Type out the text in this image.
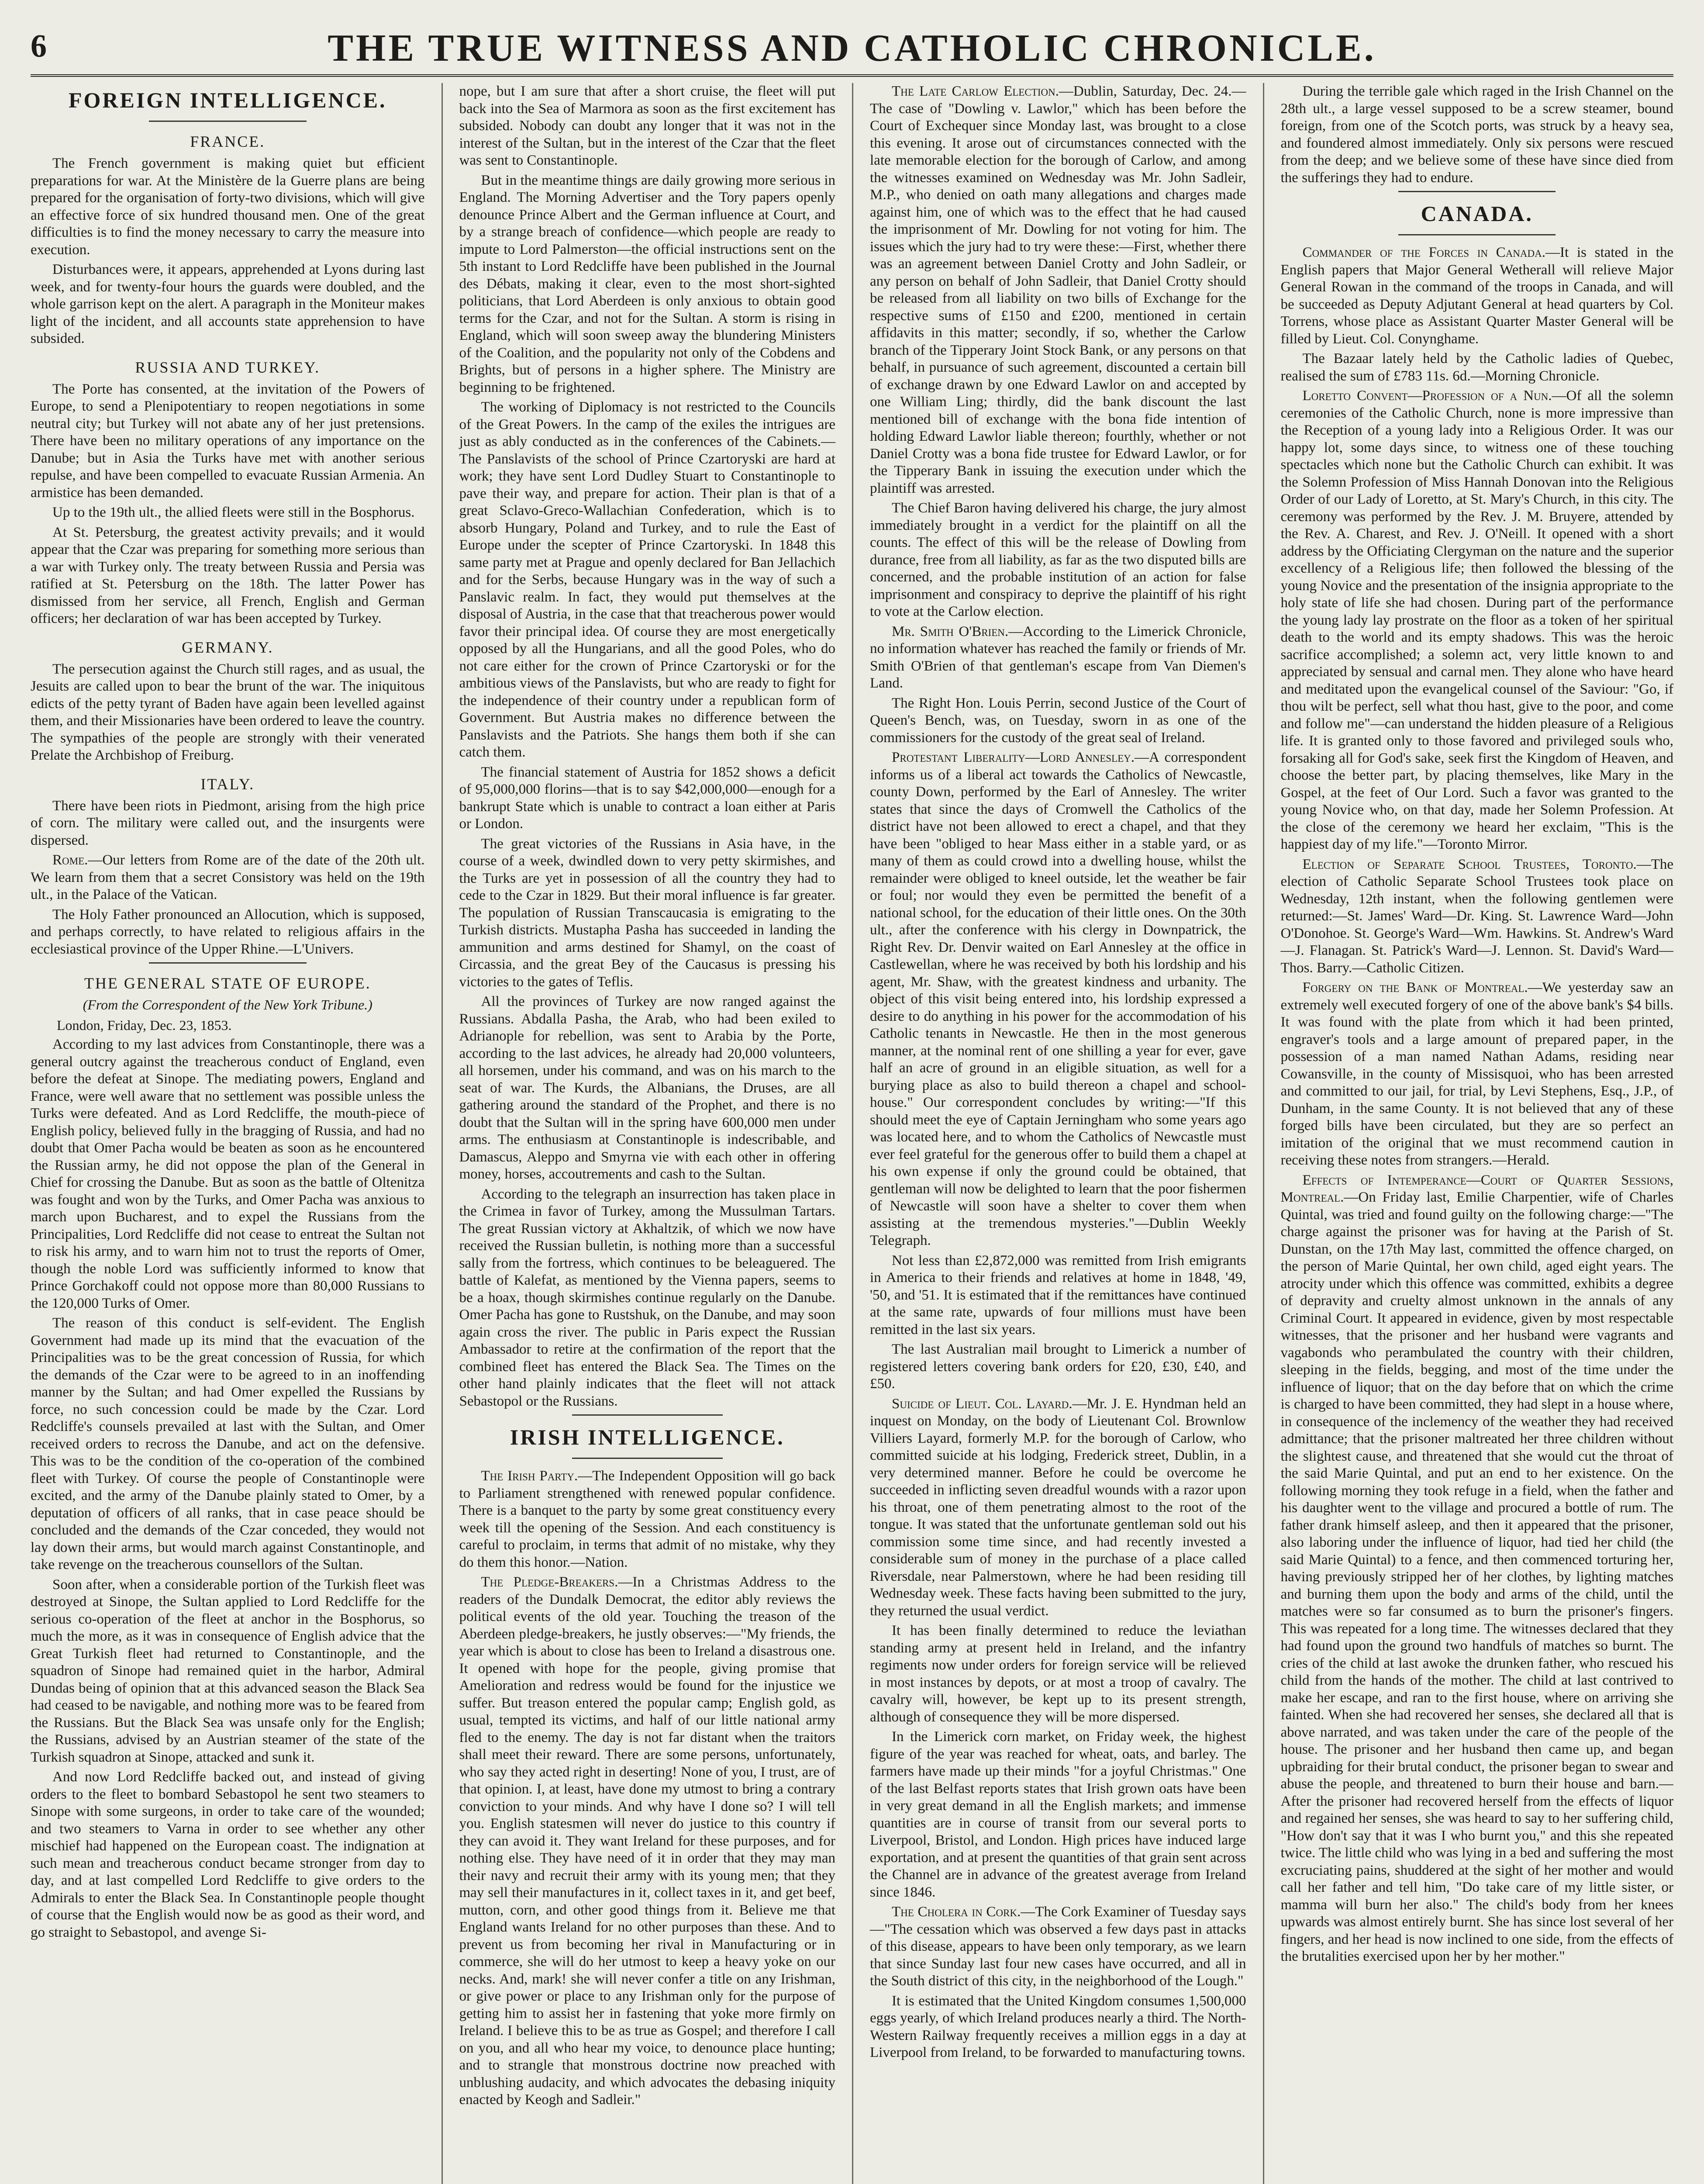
6	THE TRUE WITNESS AND CATHOLIC CHRONICLE.
FOREIGN INTELLIGENCE.
FRANCE.

The French government is making quiet but efficient preparations for war. At the Ministère de la Guerre plans are being prepared for the organisation of forty-two divisions, which will give an effective force of six hundred thousand men. One of the great difficulties is to find the money necessary to carry the measure into execution.

Disturbances were, it appears, apprehended at Lyons during last week, and for twenty-four hours the guards were doubled, and the whole garrison kept on the alert. A paragraph in the Moniteur makes light of the incident, and all accounts state apprehension to have subsided.

RUSSIA AND TURKEY.

The Porte has consented, at the invitation of the Powers of Europe, to send a Plenipotentiary to reopen negotiations in some neutral city; but Turkey will not abate any of her just pretensions. There have been no military operations of any importance on the Danube; but in Asia the Turks have met with another serious repulse, and have been compelled to evacuate Russian Armenia. An armistice has been demanded.

Up to the 19th ult., the allied fleets were still in the Bosphorus.

At St. Petersburg, the greatest activity prevails; and it would appear that the Czar was preparing for something more serious than a war with Turkey only. The treaty between Russia and Persia was ratified at St. Petersburg on the 18th. The latter Power has dismissed from her service, all French, English and German officers; her declaration of war has been accepted by Turkey.

GERMANY.

The persecution against the Church still rages, and as usual, the Jesuits are called upon to bear the brunt of the war. The iniquitous edicts of the petty tyrant of Baden have again been levelled against them, and their Missionaries have been ordered to leave the country. The sympathies of the people are strongly with their venerated Prelate the Archbishop of Freiburg.

ITALY.

There have been riots in Piedmont, arising from the high price of corn. The military were called out, and the insurgents were dispersed.

Rome.—Our letters from Rome are of the date of the 20th ult. We learn from them that a secret Consistory was held on the 19th ult., in the Palace of the Vatican.

The Holy Father pronounced an Allocution, which is supposed, and perhaps correctly, to have related to religious affairs in the ecclesiastical province of the Upper Rhine.—L'Univers.

THE GENERAL STATE OF EUROPE.
(From the Correspondent of the New York Tribune.)
London, Friday, Dec. 23, 1853.

According to my last advices from Constantinople, there was a general outcry against the treacherous conduct of England, even before the defeat at Sinope. The mediating powers, England and France, were well aware that no settlement was possible unless the Turks were defeated. And as Lord Redcliffe, the mouth-piece of English policy, believed fully in the bragging of Russia, and had no doubt that Omer Pacha would be beaten as soon as he encountered the Russian army, he did not oppose the plan of the General in Chief for crossing the Danube. But as soon as the battle of Oltenitza was fought and won by the Turks, and Omer Pacha was anxious to march upon Bucharest, and to expel the Russians from the Principalities, Lord Redcliffe did not cease to entreat the Sultan not to risk his army, and to warn him not to trust the reports of Omer, though the noble Lord was sufficiently informed to know that Prince Gorchakoff could not oppose more than 80,000 Russians to the 120,000 Turks of Omer.

The reason of this conduct is self-evident. The English Government had made up its mind that the evacuation of the Principalities was to be the great concession of Russia, for which the demands of the Czar were to be agreed to in an inoffending manner by the Sultan; and had Omer expelled the Russians by force, no such concession could be made by the Czar. Lord Redcliffe's counsels prevailed at last with the Sultan, and Omer received orders to recross the Danube, and act on the defensive. This was to be the condition of the co-operation of the combined fleet with Turkey. Of course the people of Constantinople were excited, and the army of the Danube plainly stated to Omer, by a deputation of officers of all ranks, that in case peace should be concluded and the demands of the Czar conceded, they would not lay down their arms, but would march against Constantinople, and take revenge on the treacherous counsellors of the Sultan.

Soon after, when a considerable portion of the Turkish fleet was destroyed at Sinope, the Sultan applied to Lord Redcliffe for the serious co-operation of the fleet at anchor in the Bosphorus, so much the more, as it was in consequence of English advice that the Great Turkish fleet had returned to Constantinople, and the squadron of Sinope had remained quiet in the harbor, Admiral Dundas being of opinion that at this advanced season the Black Sea had ceased to be navigable, and nothing more was to be feared from the Russians. But the Black Sea was unsafe only for the English; the Russians, advised by an Austrian steamer of the state of the Turkish squadron at Sinope, attacked and sunk it.

And now Lord Redcliffe backed out, and instead of giving orders to the fleet to bombard Sebastopol he sent two steamers to Sinope with some surgeons, in order to take care of the wounded; and two steamers to Varna in order to see whether any other mischief had happened on the European coast. The indignation at such mean and treacherous conduct became stronger from day to day, and at last compelled Lord Redcliffe to give orders to the Admirals to enter the Black Sea. In Constantinople people thought of course that the English would now be as good as their word, and go straight to Sebastopol, and avenge Si-

nope, but I am sure that after a short cruise, the fleet will put back into the Sea of Marmora as soon as the first excitement has subsided. Nobody can doubt any longer that it was not in the interest of the Sultan, but in the interest of the Czar that the fleet was sent to Constantinople.

But in the meantime things are daily growing more serious in England. The Morning Advertiser and the Tory papers openly denounce Prince Albert and the German influence at Court, and by a strange breach of confidence—which people are ready to impute to Lord Palmerston—the official instructions sent on the 5th instant to Lord Redcliffe have been published in the Journal des Débats, making it clear, even to the most short-sighted politicians, that Lord Aberdeen is only anxious to obtain good terms for the Czar, and not for the Sultan. A storm is rising in England, which will soon sweep away the blundering Ministers of the Coalition, and the popularity not only of the Cobdens and Brights, but of persons in a higher sphere. The Ministry are beginning to be frightened.

The working of Diplomacy is not restricted to the Councils of the Great Powers. In the camp of the exiles the intrigues are just as ably conducted as in the conferences of the Cabinets.—The Panslavists of the school of Prince Czartoryski are hard at work; they have sent Lord Dudley Stuart to Constantinople to pave their way, and prepare for action. Their plan is that of a great Sclavo-Greco-Wallachian Confederation, which is to absorb Hungary, Poland and Turkey, and to rule the East of Europe under the scepter of Prince Czartoryski. In 1848 this same party met at Prague and openly declared for Ban Jellachich and for the Serbs, because Hungary was in the way of such a Panslavic realm. In fact, they would put themselves at the disposal of Austria, in the case that that treacherous power would favor their principal idea. Of course they are most energetically opposed by all the Hungarians, and all the good Poles, who do not care either for the crown of Prince Czartoryski or for the ambitious views of the Panslavists, but who are ready to fight for the independence of their country under a republican form of Government. But Austria makes no difference between the Panslavists and the Patriots. She hangs them both if she can catch them.

The financial statement of Austria for 1852 shows a deficit of 95,000,000 florins—that is to say $42,000,000—enough for a bankrupt State which is unable to contract a loan either at Paris or London.

The great victories of the Russians in Asia have, in the course of a week, dwindled down to very petty skirmishes, and the Turks are yet in possession of all the country they had to cede to the Czar in 1829. But their moral influence is far greater. The population of Russian Transcaucasia is emigrating to the Turkish districts. Mustapha Pasha has succeeded in landing the ammunition and arms destined for Shamyl, on the coast of Circassia, and the great Bey of the Caucasus is pressing his victories to the gates of Teflis.

All the provinces of Turkey are now ranged against the Russians. Abdalla Pasha, the Arab, who had been exiled to Adrianople for rebellion, was sent to Arabia by the Porte, according to the last advices, he already had 20,000 volunteers, all horsemen, under his command, and was on his march to the seat of war. The Kurds, the Albanians, the Druses, are all gathering around the standard of the Prophet, and there is no doubt that the Sultan will in the spring have 600,000 men under arms. The enthusiasm at Constantinople is indescribable, and Damascus, Aleppo and Smyrna vie with each other in offering money, horses, accoutrements and cash to the Sultan.

According to the telegraph an insurrection has taken place in the Crimea in favor of Turkey, among the Mussulman Tartars. The great Russian victory at Akhaltzik, of which we now have received the Russian bulletin, is nothing more than a successful sally from the fortress, which continues to be beleaguered. The battle of Kalefat, as mentioned by the Vienna papers, seems to be a hoax, though skirmishes continue regularly on the Danube. Omer Pacha has gone to Rustshuk, on the Danube, and may soon again cross the river. The public in Paris expect the Russian Ambassador to retire at the confirmation of the report that the combined fleet has entered the Black Sea. The Times on the other hand plainly indicates that the fleet will not attack Sebastopol or the Russians.

IRISH INTELLIGENCE.

The Irish Party.—The Independent Opposition will go back to Parliament strengthened with renewed popular confidence. There is a banquet to the party by some great constituency every week till the opening of the Session. And each constituency is careful to proclaim, in terms that admit of no mistake, why they do them this honor.—Nation.

The Pledge-Breakers.—In a Christmas Address to the readers of the Dundalk Democrat, the editor ably reviews the political events of the old year. Touching the treason of the Aberdeen pledge-breakers, he justly observes:—"My friends, the year which is about to close has been to Ireland a disastrous one. It opened with hope for the people, giving promise that Amelioration and redress would be found for the injustice we suffer. But treason entered the popular camp; English gold, as usual, tempted its victims, and half of our little national army fled to the enemy. The day is not far distant when the traitors shall meet their reward. There are some persons, unfortunately, who say they acted right in deserting! None of you, I trust, are of that opinion. I, at least, have done my utmost to bring a contrary conviction to your minds. And why have I done so? I will tell you. English statesmen will never do justice to this country if they can avoid it. They want Ireland for these purposes, and for nothing else. They have need of it in order that they may man their navy and recruit their army with its young men; that they may sell their manufactures in it, collect taxes in it, and get beef, mutton, corn, and other good things from it. Believe me that England wants Ireland for no other purposes than these. And to prevent us from becoming her rival in Manufacturing or in commerce, she will do her utmost to keep a heavy yoke on our necks. And, mark! she will never confer a title on any Irishman, or give power or place to any Irishman only for the purpose of getting him to assist her in fastening that yoke more firmly on Ireland. I believe this to be as true as Gospel; and therefore I call on you, and all who hear my voice, to denounce place hunting; and to strangle that monstrous doctrine now preached with unblushing audacity, and which advocates the debasing iniquity enacted by Keogh and Sadleir."

The Late Carlow Election.—Dublin, Saturday, Dec. 24.—The case of "Dowling v. Lawlor," which has been before the Court of Exchequer since Monday last, was brought to a close this evening. It arose out of circumstances connected with the late memorable election for the borough of Carlow, and among the witnesses examined on Wednesday was Mr. John Sadleir, M.P., who denied on oath many allegations and charges made against him, one of which was to the effect that he had caused the imprisonment of Mr. Dowling for not voting for him. The issues which the jury had to try were these:—First, whether there was an agreement between Daniel Crotty and John Sadleir, or any person on behalf of John Sadleir, that Daniel Crotty should be released from all liability on two bills of Exchange for the respective sums of £150 and £200, mentioned in certain affidavits in this matter; secondly, if so, whether the Carlow branch of the Tipperary Joint Stock Bank, or any persons on that behalf, in pursuance of such agreement, discounted a certain bill of exchange drawn by one Edward Lawlor on and accepted by one William Ling; thirdly, did the bank discount the last mentioned bill of exchange with the bona fide intention of holding Edward Lawlor liable thereon; fourthly, whether or not Daniel Crotty was a bona fide trustee for Edward Lawlor, or for the Tipperary Bank in issuing the execution under which the plaintiff was arrested.

The Chief Baron having delivered his charge, the jury almost immediately brought in a verdict for the plaintiff on all the counts. The effect of this will be the release of Dowling from durance, free from all liability, as far as the two disputed bills are concerned, and the probable institution of an action for false imprisonment and conspiracy to deprive the plaintiff of his right to vote at the Carlow election.

Mr. Smith O'Brien.—According to the Limerick Chronicle, no information whatever has reached the family or friends of Mr. Smith O'Brien of that gentleman's escape from Van Diemen's Land.

The Right Hon. Louis Perrin, second Justice of the Court of Queen's Bench, was, on Tuesday, sworn in as one of the commissioners for the custody of the great seal of Ireland.

Protestant Liberality—Lord Annesley.—A correspondent informs us of a liberal act towards the Catholics of Newcastle, county Down, performed by the Earl of Annesley. The writer states that since the days of Cromwell the Catholics of the district have not been allowed to erect a chapel, and that they have been "obliged to hear Mass either in a stable yard, or as many of them as could crowd into a dwelling house, whilst the remainder were obliged to kneel outside, let the weather be fair or foul; nor would they even be permitted the benefit of a national school, for the education of their little ones. On the 30th ult., after the conference with his clergy in Downpatrick, the Right Rev. Dr. Denvir waited on Earl Annesley at the office in Castlewellan, where he was received by both his lordship and his agent, Mr. Shaw, with the greatest kindness and urbanity. The object of this visit being entered into, his lordship expressed a desire to do anything in his power for the accommodation of his Catholic tenants in Newcastle. He then in the most generous manner, at the nominal rent of one shilling a year for ever, gave half an acre of ground in an eligible situation, as well for a burying place as also to build thereon a chapel and school-house." Our correspondent concludes by writing:—"If this should meet the eye of Captain Jerningham who some years ago was located here, and to whom the Catholics of Newcastle must ever feel grateful for the generous offer to build them a chapel at his own expense if only the ground could be obtained, that gentleman will now be delighted to learn that the poor fishermen of Newcastle will soon have a shelter to cover them when assisting at the tremendous mysteries."—Dublin Weekly Telegraph.

Not less than £2,872,000 was remitted from Irish emigrants in America to their friends and relatives at home in 1848, '49, '50, and '51. It is estimated that if the remittances have continued at the same rate, upwards of four millions must have been remitted in the last six years.

The last Australian mail brought to Limerick a number of registered letters covering bank orders for £20, £30, £40, and £50.

Suicide of Lieut. Col. Layard.—Mr. J. E. Hyndman held an inquest on Monday, on the body of Lieutenant Col. Brownlow Villiers Layard, formerly M.P. for the borough of Carlow, who committed suicide at his lodging, Frederick street, Dublin, in a very determined manner. Before he could be overcome he succeeded in inflicting seven dreadful wounds with a razor upon his throat, one of them penetrating almost to the root of the tongue. It was stated that the unfortunate gentleman sold out his commission some time since, and had recently invested a considerable sum of money in the purchase of a place called Riversdale, near Palmerstown, where he had been residing till Wednesday week. These facts having been submitted to the jury, they returned the usual verdict.

It has been finally determined to reduce the leviathan standing army at present held in Ireland, and the infantry regiments now under orders for foreign service will be relieved in most instances by depots, or at most a troop of cavalry. The cavalry will, however, be kept up to its present strength, although of consequence they will be more dispersed.

In the Limerick corn market, on Friday week, the highest figure of the year was reached for wheat, oats, and barley. The farmers have made up their minds "for a joyful Christmas." One of the last Belfast reports states that Irish grown oats have been in very great demand in all the English markets; and immense quantities are in course of transit from our several ports to Liverpool, Bristol, and London. High prices have induced large exportation, and at present the quantities of that grain sent across the Channel are in advance of the greatest average from Ireland since 1846.

The Cholera in Cork.—The Cork Examiner of Tuesday says—"The cessation which was observed a few days past in attacks of this disease, appears to have been only temporary, as we learn that since Sunday last four new cases have occurred, and all in the South district of this city, in the neighborhood of the Lough."

It is estimated that the United Kingdom consumes 1,500,000 eggs yearly, of which Ireland produces nearly a third. The North-Western Railway frequently receives a million eggs in a day at Liverpool from Ireland, to be forwarded to manufacturing towns.

During the terrible gale which raged in the Irish Channel on the 28th ult., a large vessel supposed to be a screw steamer, bound foreign, from one of the Scotch ports, was struck by a heavy sea, and foundered almost immediately. Only six persons were rescued from the deep; and we believe some of these have since died from the sufferings they had to endure.

CANADA.

Commander of the Forces in Canada.—It is stated in the English papers that Major General Wetherall will relieve Major General Rowan in the command of the troops in Canada, and will be succeeded as Deputy Adjutant General at head quarters by Col. Torrens, whose place as Assistant Quarter Master General will be filled by Lieut. Col. Conynghame.

The Bazaar lately held by the Catholic ladies of Quebec, realised the sum of £783 11s. 6d.—Morning Chronicle.

Loretto Convent—Profession of a Nun.—Of all the solemn ceremonies of the Catholic Church, none is more impressive than the Reception of a young lady into a Religious Order. It was our happy lot, some days since, to witness one of these touching spectacles which none but the Catholic Church can exhibit. It was the Solemn Profession of Miss Hannah Donovan into the Religious Order of our Lady of Loretto, at St. Mary's Church, in this city. The ceremony was performed by the Rev. J. M. Bruyere, attended by the Rev. A. Charest, and Rev. J. O'Neill. It opened with a short address by the Officiating Clergyman on the nature and the superior excellency of a Religious life; then followed the blessing of the young Novice and the presentation of the insignia appropriate to the holy state of life she had chosen. During part of the performance the young lady lay prostrate on the floor as a token of her spiritual death to the world and its empty shadows. This was the heroic sacrifice accomplished; a solemn act, very little known to and appreciated by sensual and carnal men. They alone who have heard and meditated upon the evangelical counsel of the Saviour: "Go, if thou wilt be perfect, sell what thou hast, give to the poor, and come and follow me"—can understand the hidden pleasure of a Religious life. It is granted only to those favored and privileged souls who, forsaking all for God's sake, seek first the Kingdom of Heaven, and choose the better part, by placing themselves, like Mary in the Gospel, at the feet of Our Lord. Such a favor was granted to the young Novice who, on that day, made her Solemn Profession. At the close of the ceremony we heard her exclaim, "This is the happiest day of my life."—Toronto Mirror.

Election of Separate School Trustees, Toronto.—The election of Catholic Separate School Trustees took place on Wednesday, 12th instant, when the following gentlemen were returned:—St. James' Ward—Dr. King. St. Lawrence Ward—John O'Donohoe. St. George's Ward—Wm. Hawkins. St. Andrew's Ward—J. Flanagan. St. Patrick's Ward—J. Lennon. St. David's Ward—Thos. Barry.—Catholic Citizen.

Forgery on the Bank of Montreal.—We yesterday saw an extremely well executed forgery of one of the above bank's $4 bills. It was found with the plate from which it had been printed, engraver's tools and a large amount of prepared paper, in the possession of a man named Nathan Adams, residing near Cowansville, in the county of Missisquoi, who has been arrested and committed to our jail, for trial, by Levi Stephens, Esq., J.P., of Dunham, in the same County. It is not believed that any of these forged bills have been circulated, but they are so perfect an imitation of the original that we must recommend caution in receiving these notes from strangers.—Herald.

Effects of Intemperance—Court of Quarter Sessions, Montreal.—On Friday last, Emilie Charpentier, wife of Charles Quintal, was tried and found guilty on the following charge:—"The charge against the prisoner was for having at the Parish of St. Dunstan, on the 17th May last, committed the offence charged, on the person of Marie Quintal, her own child, aged eight years. The atrocity under which this offence was committed, exhibits a degree of depravity and cruelty almost unknown in the annals of any Criminal Court. It appeared in evidence, given by most respectable witnesses, that the prisoner and her husband were vagrants and vagabonds who perambulated the country with their children, sleeping in the fields, begging, and most of the time under the influence of liquor; that on the day before that on which the crime is charged to have been committed, they had slept in a house where, in consequence of the inclemency of the weather they had received admittance; that the prisoner maltreated her three children without the slightest cause, and threatened that she would cut the throat of the said Marie Quintal, and put an end to her existence. On the following morning they took refuge in a field, when the father and his daughter went to the village and procured a bottle of rum. The father drank himself asleep, and then it appeared that the prisoner, also laboring under the influence of liquor, had tied her child (the said Marie Quintal) to a fence, and then commenced torturing her, having previously stripped her of her clothes, by lighting matches and burning them upon the body and arms of the child, until the matches were so far consumed as to burn the prisoner's fingers. This was repeated for a long time. The witnesses declared that they had found upon the ground two handfuls of matches so burnt. The cries of the child at last awoke the drunken father, who rescued his child from the hands of the mother. The child at last contrived to make her escape, and ran to the first house, where on arriving she fainted. When she had recovered her senses, she declared all that is above narrated, and was taken under the care of the people of the house. The prisoner and her husband then came up, and began upbraiding for their brutal conduct, the prisoner began to swear and abuse the people, and threatened to burn their house and barn.—After the prisoner had recovered herself from the effects of liquor and regained her senses, she was heard to say to her suffering child, "How don't say that it was I who burnt you," and this she repeated twice. The little child who was lying in a bed and suffering the most excruciating pains, shuddered at the sight of her mother and would call her father and tell him, "Do take care of my little sister, or mamma will burn her also." The child's body from her knees upwards was almost entirely burnt. She has since lost several of her fingers, and her head is now inclined to one side, from the effects of the brutalities exercised upon her by her mother."
